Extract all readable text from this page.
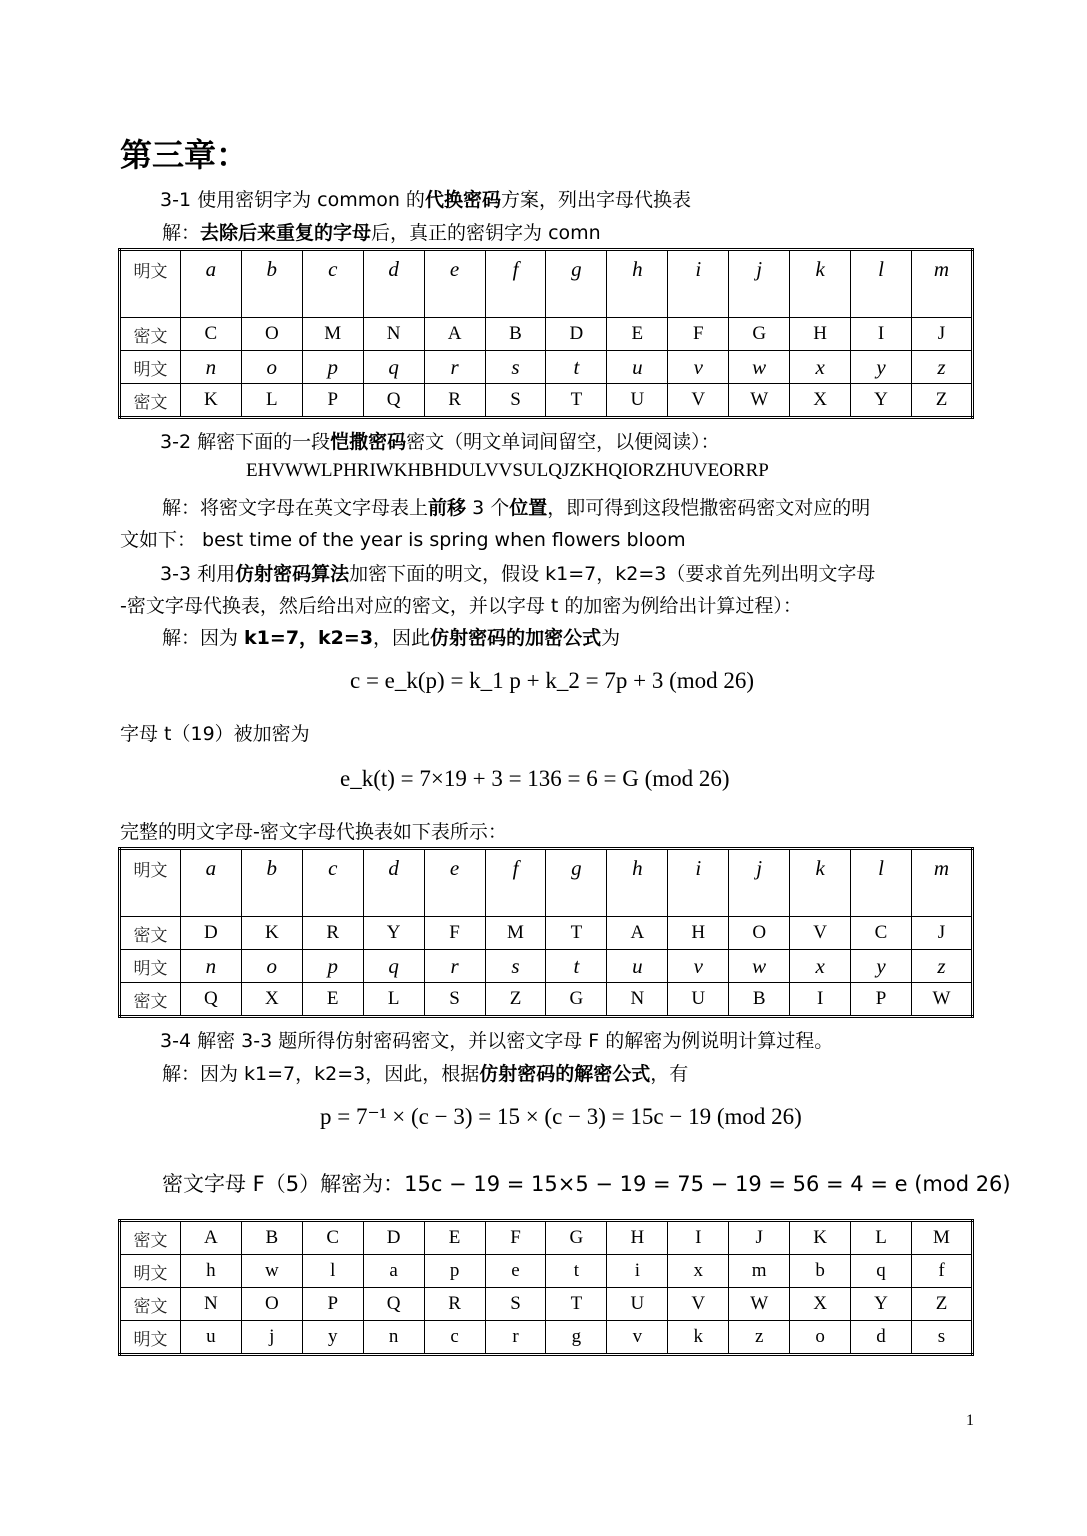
第三章：
3-1 使用密钥字为 common 的代换密码方案，列出字母代换表
解：去除后来重复的字母后，真正的密钥字为 comn
明文	a	b	c	d	e	f	g	h	i	j	k	l	m
密文	C	O	M	N	A	B	D	E	F	G	H	I	J
明文	n	o	p	q	r	s	t	u	v	w	x	y	z
密文	K	L	P	Q	R	S	T	U	V	W	X	Y	Z
3-2 解密下面的一段恺撒密码密文（明文单词间留空，以便阅读）：
EHVWWLPHRIWKHBHDULVVSULQJZKHQIORZHUVEORRP
解：将密文字母在英文字母表上前移 3 个位置，即可得到这段恺撒密码密文对应的明
文如下： best time of the year is spring when flowers bloom
3-3 利用仿射密码算法加密下面的明文，假设 k1=7，k2=3（要求首先列出明文字母
-密文字母代换表，然后给出对应的密文，并以字母 t 的加密为例给出计算过程）：
解：因为 k1=7，k2=3，因此仿射密码的加密公式为
c = e_k(p) = k_1 p + k_2 = 7p + 3 (mod 26)
字母 t（19）被加密为
e_k(t) = 7×19 + 3 = 136 = 6 = G (mod 26)
完整的明文字母-密文字母代换表如下表所示：
明文	a	b	c	d	e	f	g	h	i	j	k	l	m
密文	D	K	R	Y	F	M	T	A	H	O	V	C	J
明文	n	o	p	q	r	s	t	u	v	w	x	y	z
密文	Q	X	E	L	S	Z	G	N	U	B	I	P	W
3-4 解密 3-3 题所得仿射密码密文，并以密文字母 F 的解密为例说明计算过程。
解：因为 k1=7，k2=3，因此，根据仿射密码的解密公式，有
p = 7⁻¹ × (c − 3) = 15 × (c − 3) = 15c − 19 (mod 26)
密文字母 F（5）解密为：15c − 19 = 15×5 − 19 = 75 − 19 = 56 = 4 = e (mod 26)
密文	A	B	C	D	E	F	G	H	I	J	K	L	M
明文	h	w	l	a	p	e	t	i	x	m	b	q	f
密文	N	O	P	Q	R	S	T	U	V	W	X	Y	Z
明文	u	j	y	n	c	r	g	v	k	z	o	d	s
1
